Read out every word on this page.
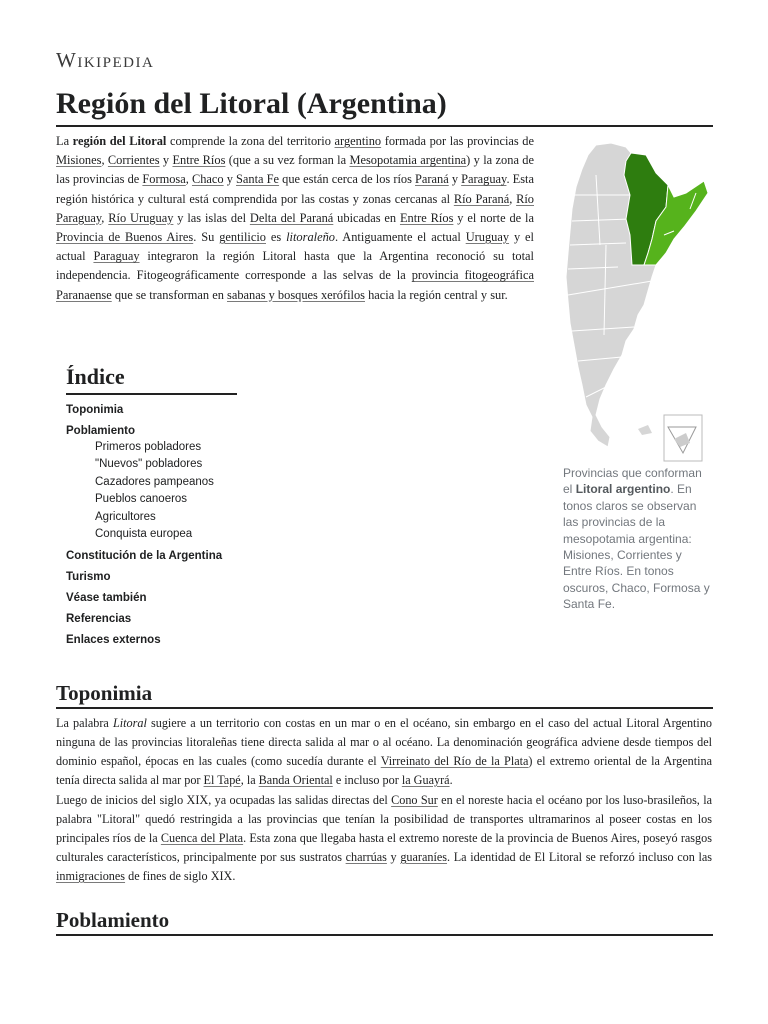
Wikipedia
Región del Litoral (Argentina)

La región del Litoral comprende la zona del territorio argentino formada por las provincias de Misiones, Corrientes y Entre Ríos (que a su vez forman la Mesopotamia argentina) y la zona de las provincias de Formosa, Chaco y Santa Fe que están cerca de los ríos Paraná y Paraguay. Esta región histórica y cultural está comprendida por las costas y zonas cercanas al Río Paraná, Río Paraguay, Río Uruguay y las islas del Delta del Paraná ubicadas en Entre Ríos y el norte de la Provincia de Buenos Aires. Su gentilicio es litoraleño. Antiguamente el actual Uruguay y el actual Paraguay integraron la región Litoral hasta que la Argentina reconoció su total independencia. Fitogeográficamente corresponde a las selvas de la provincia fitogeográfica Paranaense que se transforman en sabanas y bosques xerófilos hacia la región central y sur.

Provincias que conforman el Litoral argentino. En tonos claros se observan las provincias de la mesopotamia argentina: Misiones, Corrientes y Entre Ríos. En tonos oscuros, Chaco, Formosa y Santa Fe.

Índice
Toponimia
Poblamiento
Primeros pobladores
"Nuevos" pobladores
Cazadores pampeanos
Pueblos canoeros
Agricultores
Conquista europea
Constitución de la Argentina
Turismo
Véase también
Referencias
Enlaces externos
Toponimia

La palabra Litoral sugiere a un territorio con costas en un mar o en el océano, sin embargo en el caso del actual Litoral Argentino ninguna de las provincias litoraleñas tiene directa salida al mar o al océano. La denominación geográfica adviene desde tiempos del dominio español, épocas en las cuales (como sucedía durante el Virreinato del Río de la Plata) el extremo oriental de la Argentina tenía directa salida al mar por El Tapé, la Banda Oriental e incluso por la Guayrá.

Luego de inicios del siglo XIX, ya ocupadas las salidas directas del Cono Sur en el noreste hacia el océano por los luso-brasileños, la palabra "Litoral" quedó restringida a las provincias que tenían la posibilidad de transportes ultramarinos al poseer costas en los principales ríos de la Cuenca del Plata. Esta zona que llegaba hasta el extremo noreste de la provincia de Buenos Aires, poseyó rasgos culturales característicos, principalmente por sus sustratos charrúas y guaraníes. La identidad de El Litoral se reforzó incluso con las inmigraciones de fines de siglo XIX.

Poblamiento
